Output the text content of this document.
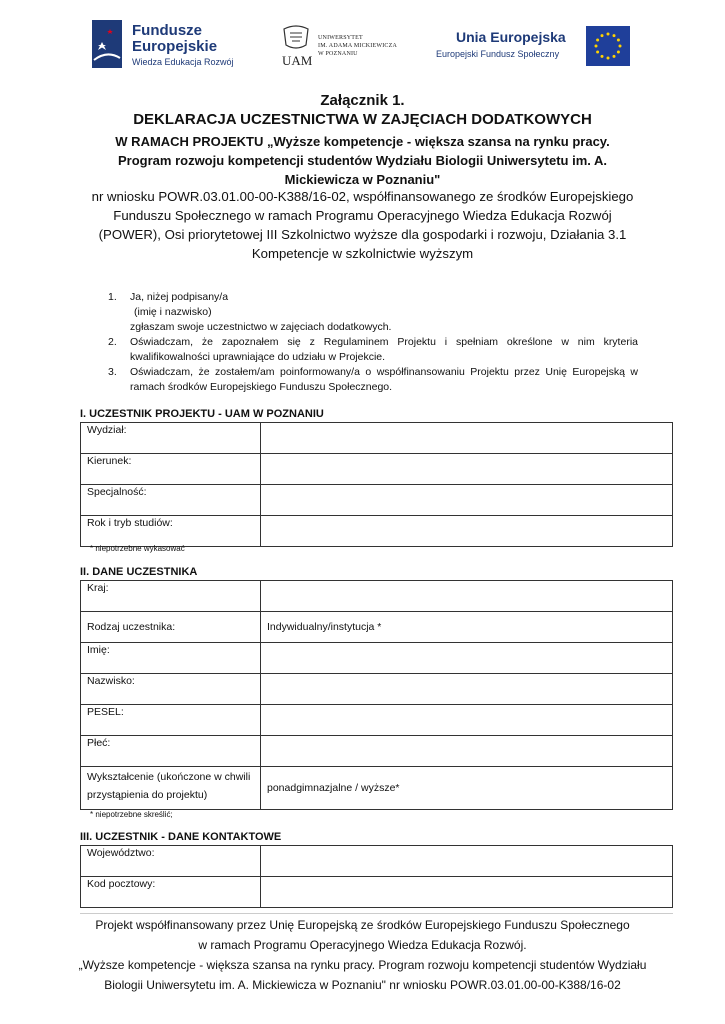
Fundusze
Europejskie
Wiedza Edukacja Rozwój	UAM
UNIWERSYTET
IM. ADAMA MICKIEWICZA
W POZNANIU
Unia Europejska
Europejski Fundusz Społeczny
Załącznik 1.
DEKLARACJA UCZESTNICTWA W ZAJĘCIACH DODATKOWYCH
W RAMACH PROJEKTU „Wyższe kompetencje - większa szansa na rynku pracy. Program rozwoju kompetencji studentów Wydziału Biologii Uniwersytetu im. A. Mickiewicza w Poznaniu"
nr wniosku POWR.03.01.00-00-K388/16-02, współfinansowanego ze środków Europejskiego Funduszu Społecznego w ramach Programu Operacyjnego Wiedza Edukacja Rozwój (POWER), Osi priorytetowej III Szkolnictwo wyższe dla gospodarki i rozwoju, Działania 3.1 Kompetencje w szkolnictwie wyższym
1. Ja, niżej podpisany/a
(imię i nazwisko)
zgłaszam swoje uczestnictwo w zajęciach dodatkowych.
2. Oświadczam, że zapoznałem się z Regulaminem Projektu i spełniam określone w nim kryteria kwalifikowalności uprawniające do udziału w Projekcie.
3. Oświadczam, że zostałem/am poinformowany/a o współfinansowaniu Projektu przez Unię Europejską w ramach środków Europejskiego Funduszu Społecznego.
I. UCZESTNIK PROJEKTU - UAM W POZNANIU
Wydział:	
Kierunek:	
Specjalność:	
Rok i tryb studiów:	
* niepotrzebne wykasować
II. DANE UCZESTNIKA
Kraj:	
Rodzaj uczestnika:	Indywidualny/instytucja *
Imię:	
Nazwisko:	
PESEL:	
Płeć:	
Wykształcenie (ukończone w chwili przystąpienia do projektu)	ponadgimnazjalne / wyższe*
* niepotrzebne skreślić;
III. UCZESTNIK - DANE KONTAKTOWE
Województwo:	
Kod pocztowy:	
Projekt współfinansowany przez Unię Europejską ze środków Europejskiego Funduszu Społecznego
w ramach Programu Operacyjnego Wiedza Edukacja Rozwój.
„Wyższe kompetencje - większa szansa na rynku pracy. Program rozwoju kompetencji studentów Wydziału Biologii Uniwersytetu im. A. Mickiewicza w Poznaniu" nr wniosku POWR.03.01.00-00-K388/16-02
